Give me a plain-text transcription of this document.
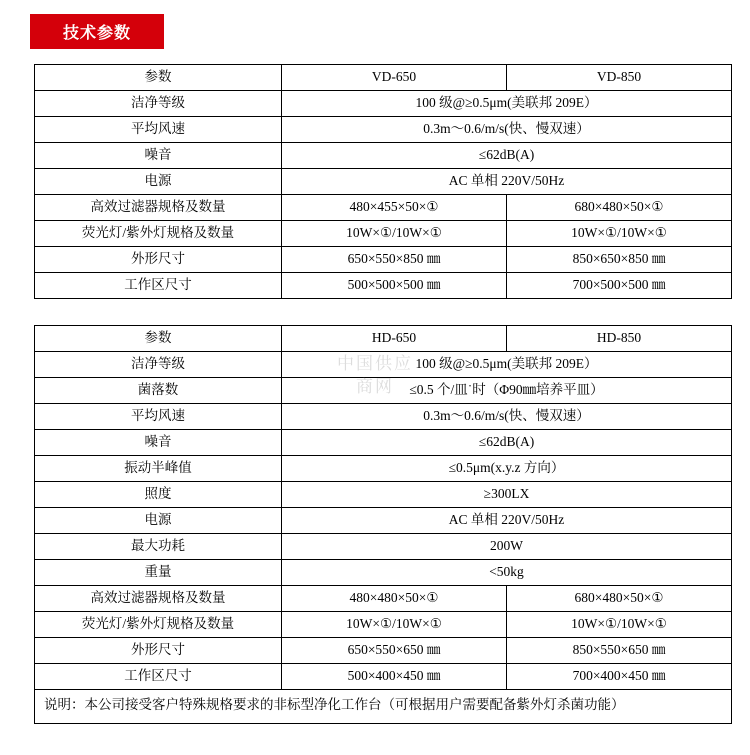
技术参数
参数	VD-650	VD-850
洁净等级	100 级@≥0.5μm(美联邦 209E）	
平均风速	0.3m～0.6/m/s(快、慢双速）	
噪音	≤62dB(A)	
电源	AC 单相 220V/50Hz	
高效过滤器规格及数量	480×455×50×①	680×480×50×①
荧光灯/紫外灯规格及数量	10W×①/10W×①	10W×①/10W×①
外形尺寸	650×550×850 ㎜	850×650×850 ㎜
工作区尺寸	500×500×500 ㎜	700×500×500 ㎜
参数	HD-650	HD-850
洁净等级	100 级@≥0.5μm(美联邦 209E）	
菌落数	≤0.5 个/皿˙时（Φ90㎜培养平皿）	
平均风速	0.3m～0.6/m/s(快、慢双速）	
噪音	≤62dB(A)	
振动半峰值	≤0.5μm(x.y.z 方向）	
照度	≥300LX	
电源	AC 单相 220V/50Hz	
最大功耗	200W	
重量	<50kg	
高效过滤器规格及数量	480×480×50×①	680×480×50×①
荧光灯/紫外灯规格及数量	10W×①/10W×①	10W×①/10W×①
外形尺寸	650×550×650 ㎜	850×550×650 ㎜
工作区尺寸	500×400×450 ㎜	700×400×450 ㎜
说明：本公司接受客户特殊规格要求的非标型净化工作台（可根据用户需要配备紫外灯杀菌功能）		
中国供应
商网
